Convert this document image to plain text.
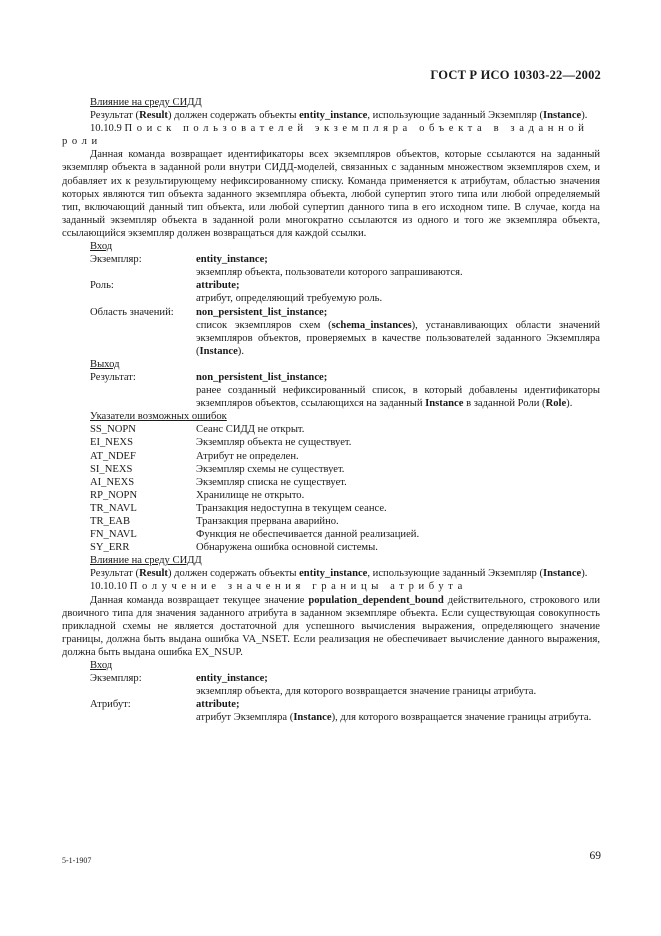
ГОСТ Р ИСО 10303-22—2002

Влияние на среду СИДД

Результат (Result) должен содержать объекты entity_instance, использующие заданный Экземпляр (Instance).

10.10.9 Поиск пользователей экземпляра объекта в заданной роли

Данная команда возвращает идентификаторы всех экземпляров объектов, которые ссылаются на заданный экземпляр объекта в заданной роли внутри СИДД-моделей, связанных с заданным множеством экземпляров схем, и добавляет их к результирующему нефиксированному списку. Команда применяется к атрибутам, областью значения которых являются тип объекта заданного экземпляра объекта, любой супертип этого типа или любой определяемый тип, включающий данный тип объекта, или любой супертип данного типа в его исходном типе. В случае, когда на заданный экземпляр объекта в заданной роли многократно ссылаются из одного и того же экземпляра объекта, ссылающийся экземпляр должен возвращаться для каждой ссылки.

Вход

Экземпляр:	entity_instance;
экземпляр объекта, пользователи которого запрашиваются.
Роль:	attribute;
атрибут, определяющий требуемую роль.
Область значений:	non_persistent_list_instance;
список экземпляров схем (schema_instances), устанавливающих области значений экземпляров объектов, проверяемых в качестве пользователей заданного Экземпляра (Instance).

Выход

Результат:	non_persistent_list_instance;
ранее созданный нефиксированный список, в который добавлены идентификаторы экземпляров объектов, ссылающихся на заданный Instance в заданной Роли (Role).

Указатели возможных ошибок

SS_NOPN	Сеанс СИДД не открыт.
EI_NEXS	Экземпляр объекта не существует.
AT_NDEF	Атрибут не определен.
SI_NEXS	Экземпляр схемы не существует.
AI_NEXS	Экземпляр списка не существует.
RP_NOPN	Хранилище не открыто.
TR_NAVL	Транзакция недоступна в текущем сеансе.
TR_EAB	Транзакция прервана аварийно.
FN_NAVL	Функция не обеспечивается данной реализацией.
SY_ERR	Обнаружена ошибка основной системы.

Влияние на среду СИДД

Результат (Result) должен содержать объекты entity_instance, использующие заданный Экземпляр (Instance).

10.10.10 Получение значения границы атрибута

Данная команда возвращает текущее значение population_dependent_bound действительного, строкового или двоичного типа для значения заданного атрибута в заданном экземпляре объекта. Если существующая совокупность прикладной схемы не является достаточной для успешного вычисления выражения, определяющего значение границы, должна быть выдана ошибка VA_NSET. Если реализация не обеспечивает вычисление данного выражения, должна быть выдана ошибка EX_NSUP.

Вход

Экземпляр:	entity_instance;
экземпляр объекта, для которого возвращается значение границы атрибута.
Атрибут:	attribute;
атрибут Экземпляра (Instance), для которого возвращается значение границы атрибута.
5-1-1907	69
